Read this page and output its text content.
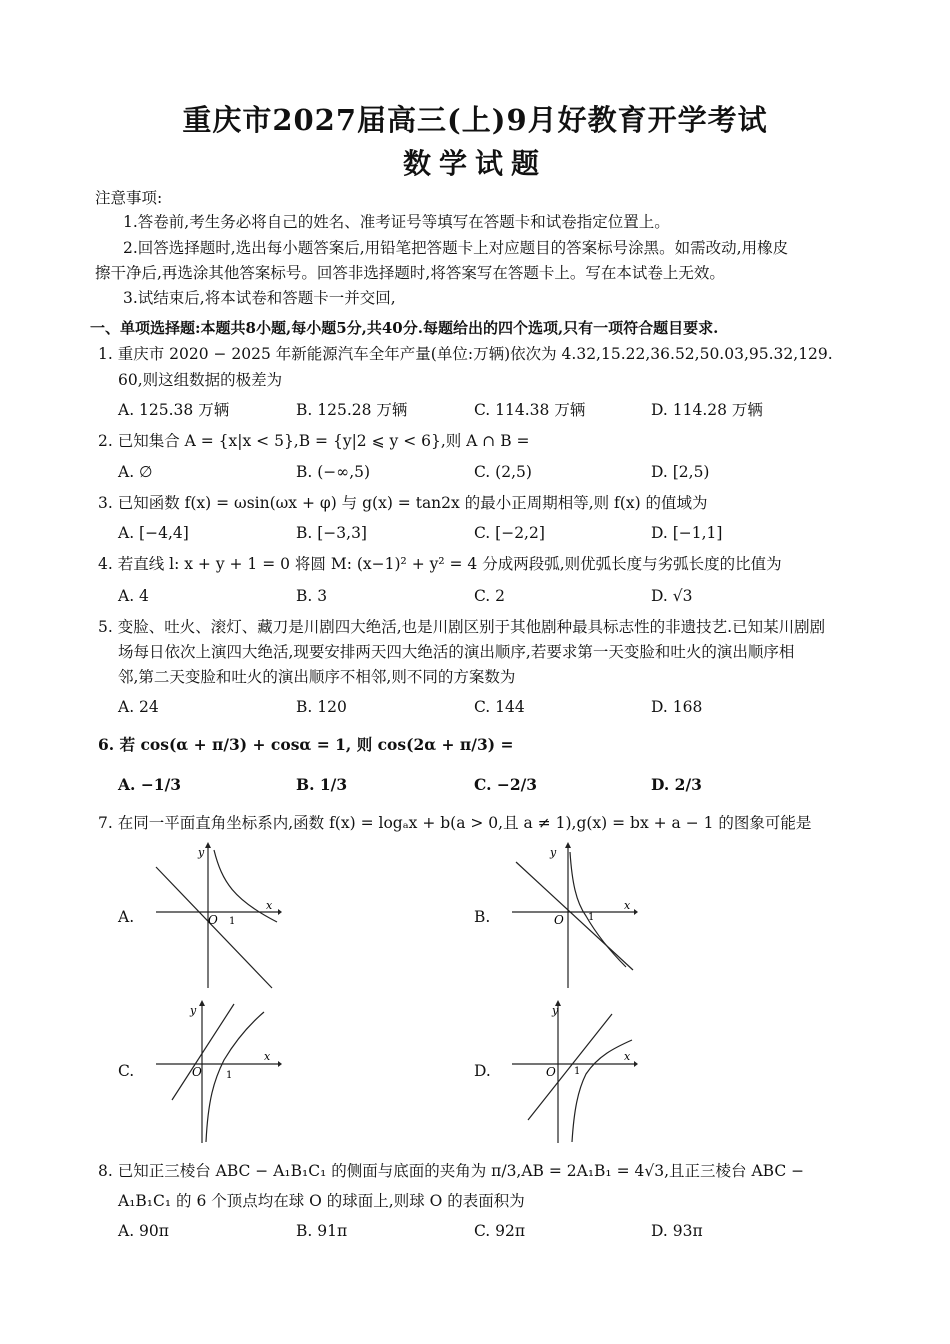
重庆市2027届高三(上)9月好教育开学考试
数学试题
注意事项:
1.答卷前,考生务必将自己的姓名、准考证号等填写在答题卡和试卷指定位置上。
2.回答选择题时,选出每小题答案后,用铅笔把答题卡上对应题目的答案标号涂黑。如需改动,用橡皮
擦干净后,再选涂其他答案标号。回答非选择题时,将答案写在答题卡上。写在本试卷上无效。
3.试结束后,将本试卷和答题卡一并交回,
一、单项选择题:本题共8小题,每小题5分,共40分.每题给出的四个选项,只有一项符合题目要求.
1. 重庆市 2020 − 2025 年新能源汽车全年产量(单位:万辆)依次为 4.32,15.22,36.52,50.03,95.32,129.
60,则这组数据的极差为
A. 125.38 万辆	B. 125.28 万辆	C. 114.38 万辆	D. 114.28 万辆
2. 已知集合 A = {x|x < 5},B = {y|2 ⩽ y < 6},则 A ∩ B =
A. ∅	B. (−∞,5)	C. (2,5)	D. [2,5)
3. 已知函数 f(x) = ωsin(ωx + φ) 与 g(x) = tan2x 的最小正周期相等,则 f(x) 的值域为
A. [−4,4]	B. [−3,3]	C. [−2,2]	D. [−1,1]
4. 若直线 l: x + y + 1 = 0 将圆 M: (x−1)² + y² = 4 分成两段弧,则优弧长度与劣弧长度的比值为
A. 4	B. 3	C. 2	D. √3
5. 变脸、吐火、滚灯、藏刀是川剧四大绝活,也是川剧区别于其他剧种最具标志性的非遗技艺.已知某川剧剧
场每日依次上演四大绝活,现要安排两天四大绝活的演出顺序,若要求第一天变脸和吐火的演出顺序相
邻,第二天变脸和吐火的演出顺序不相邻,则不同的方案数为
A. 24	B. 120	C. 144	D. 168
6. 若 cos(α + π/3) + cosα = 1, 则 cos(2α + π/3) =
A. −1/3	B. 1/3	C. −2/3	D. 2/3
7. 在同一平面直角坐标系内,函数 f(x) = logₐx + b(a > 0,且 a ≠ 1),g(x) = bx + a − 1 的图象可能是
A.	B.
C.	D.
y
x
O 1
y
x
O 1
y
x
O 1
y
x
O 1
8. 已知正三棱台 ABC − A₁B₁C₁ 的侧面与底面的夹角为 π/3,AB = 2A₁B₁ = 4√3,且正三棱台 ABC −
A₁B₁C₁ 的 6 个顶点均在球 O 的球面上,则球 O 的表面积为
A. 90π	B. 91π	C. 92π	D. 93π
